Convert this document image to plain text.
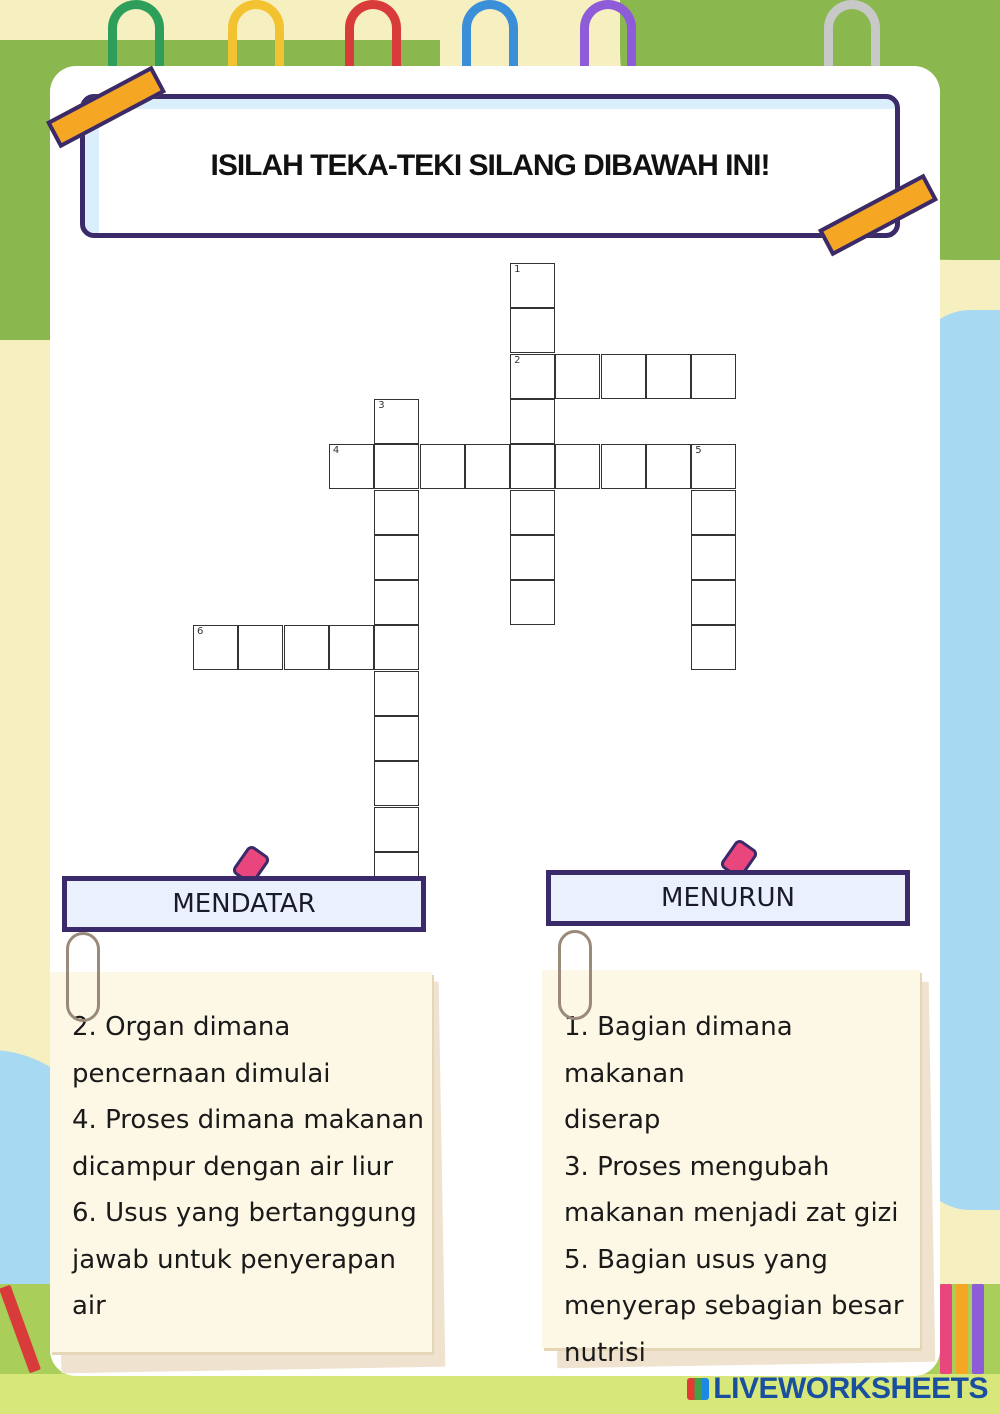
ISILAH TEKA-TEKI SILANG DIBAWAH INI!
1
2
3
4	5
6
MENDATAR

2. Organ dimana

pencernaan dimulai

4. Proses dimana makanan

dicampur dengan air liur

6. Usus yang bertanggung

jawab untuk penyerapan

air

MENURUN

1. Bagian dimana makanan

diserap

3. Proses mengubah

makanan menjadi zat gizi

5. Bagian usus yang

menyerap sebagian besar

nutrisi

LIVEWORKSHEETS
